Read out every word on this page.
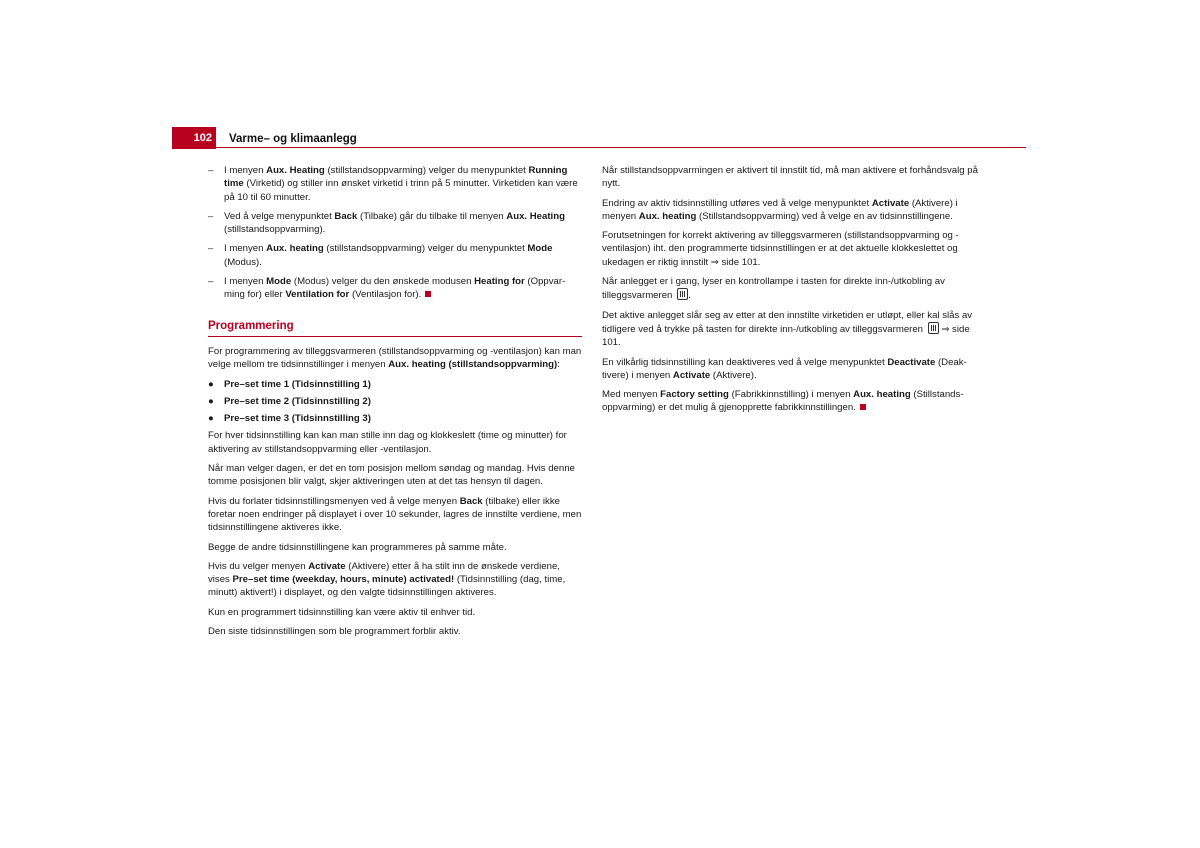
102 Varme– og klimaanlegg
– I menyen Aux. Heating (stillstandsoppvarming) velger du menypunktet Running time (Virketid) og stiller inn ønsket virketid i trinn på 5 minutter. Virketiden kan være på 10 til 60 minutter.
– Ved å velge menypunktet Back (Tilbake) går du tilbake til menyen Aux. Heating (stillstandsoppvarming).
– I menyen Aux. heating (stillstandsoppvarming) velger du menypunktet Mode (Modus).
– I menyen Mode (Modus) velger du den ønskede modusen Heating for (Oppvarming for) eller Ventilation for (Ventilasjon for).
Programmering

For programmering av tilleggsvarmeren (stillstandsoppvarming og -ventilasjon) kan man velge mellom tre tidsinnstillinger i menyen Aux. heating (stillstandsoppvarming):

● Pre–set time 1 (Tidsinnstilling 1)
● Pre–set time 2 (Tidsinnstilling 2)
● Pre–set time 3 (Tidsinnstilling 3)

For hver tidsinnstilling kan kan man stille inn dag og klokkeslett (time og minutter) for aktivering av stillstandsoppvarming eller -ventilasjon.

Når man velger dagen, er det en tom posisjon mellom søndag og mandag. Hvis denne tomme posisjonen blir valgt, skjer aktiveringen uten at det tas hensyn til dagen.

Hvis du forlater tidsinnstillingsmenyen ved å velge menyen Back (tilbake) eller ikke foretar noen endringer på displayet i over 10 sekunder, lagres de innstilte verdiene, men tidsinnstillingene aktiveres ikke.

Begge de andre tidsinnstillingene kan programmeres på samme måte.

Hvis du velger menyen Activate (Aktivere) etter å ha stilt inn de ønskede verdiene, vises Pre–set time (weekday, hours, minute) activated! (Tidsinnstilling (dag, time, minutt) aktivert!) i displayet, og den valgte tidsinnstillingen aktiveres.

Kun en programmert tidsinnstilling kan være aktiv til enhver tid.

Den siste tidsinnstillingen som ble programmert forblir aktiv.

Når stillstandsoppvarmingen er aktivert til innstilt tid, må man aktivere et forhåndsvalg på nytt.

Endring av aktiv tidsinnstilling utføres ved å velge menypunktet Activate (Aktivere) i menyen Aux. heating (Stillstandsoppvarming) ved å velge en av tidsinnstillingene.

Forutsetningen for korrekt aktivering av tilleggsvarmeren (stillstandsoppvarming og -ventilasjon) iht. den programmerte tidsinnstillingen er at det aktuelle klokkeslettet og ukedagen er riktig innstilt ⇒ side 101.

Når anlegget er i gang, lyser en kontrollampe i tasten for direkte inn-/utkobling av tilleggsvarmeren .

Det aktive anlegget slår seg av etter at den innstilte virketiden er utløpt, eller kal slås av tidligere ved å trykke på tasten for direkte inn-/utkobling av tilleggsvarmeren  ⇒ side 101.

En vilkårlig tidsinnstilling kan deaktiveres ved å velge menypunktet Deactivate (Deaktivere) i menyen Activate (Aktivere).

Med menyen Factory setting (Fabrikkinnstilling) i menyen Aux. heating (Stillstandsoppvarming) er det mulig å gjenopprette fabrikkinnstillingen.
